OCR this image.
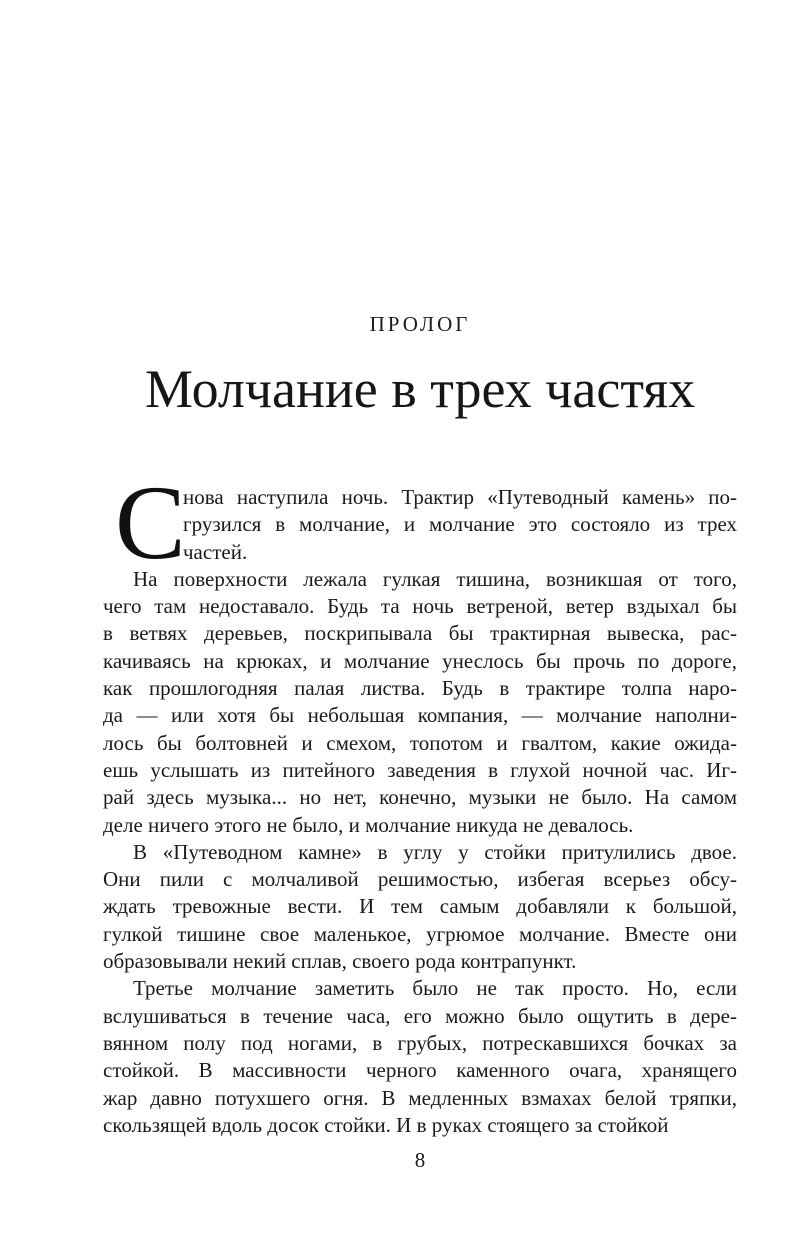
ПРОЛОГ
Молчание в трех частях
С
нова наступила ночь. Трактир «Путеводный камень» по-
грузился в молчание, и молчание это состояло из трех
частей.
На поверхности лежала гулкая тишина, возникшая от того,
чего там недоставало. Будь та ночь ветреной, ветер вздыхал бы
в ветвях деревьев, поскрипывала бы трактирная вывеска, рас-
качиваясь на крюках, и молчание унеслось бы прочь по дороге,
как прошлогодняя палая листва. Будь в трактире толпа наро-
да — или хотя бы небольшая компания, — молчание наполни-
лось бы болтовней и смехом, топотом и гвалтом, какие ожида-
ешь услышать из питейного заведения в глухой ночной час. Иг-
рай здесь музыка... но нет, конечно, музыки не было. На самом
деле ничего этого не было, и молчание никуда не девалось.
В «Путеводном камне» в углу у стойки притулились двое.
Они пили с молчаливой решимостью, избегая всерьез обсу-
ждать тревожные вести. И тем самым добавляли к большой,
гулкой тишине свое маленькое, угрюмое молчание. Вместе они
образовывали некий сплав, своего рода контрапункт.
Третье молчание заметить было не так просто. Но, если
вслушиваться в течение часа, его можно было ощутить в дере-
вянном полу под ногами, в грубых, потрескавшихся бочках за
стойкой. В массивности черного каменного очага, хранящего
жар давно потухшего огня. В медленных взмахах белой тряпки,
скользящей вдоль досок стойки. И в руках стоящего за стойкой
8
